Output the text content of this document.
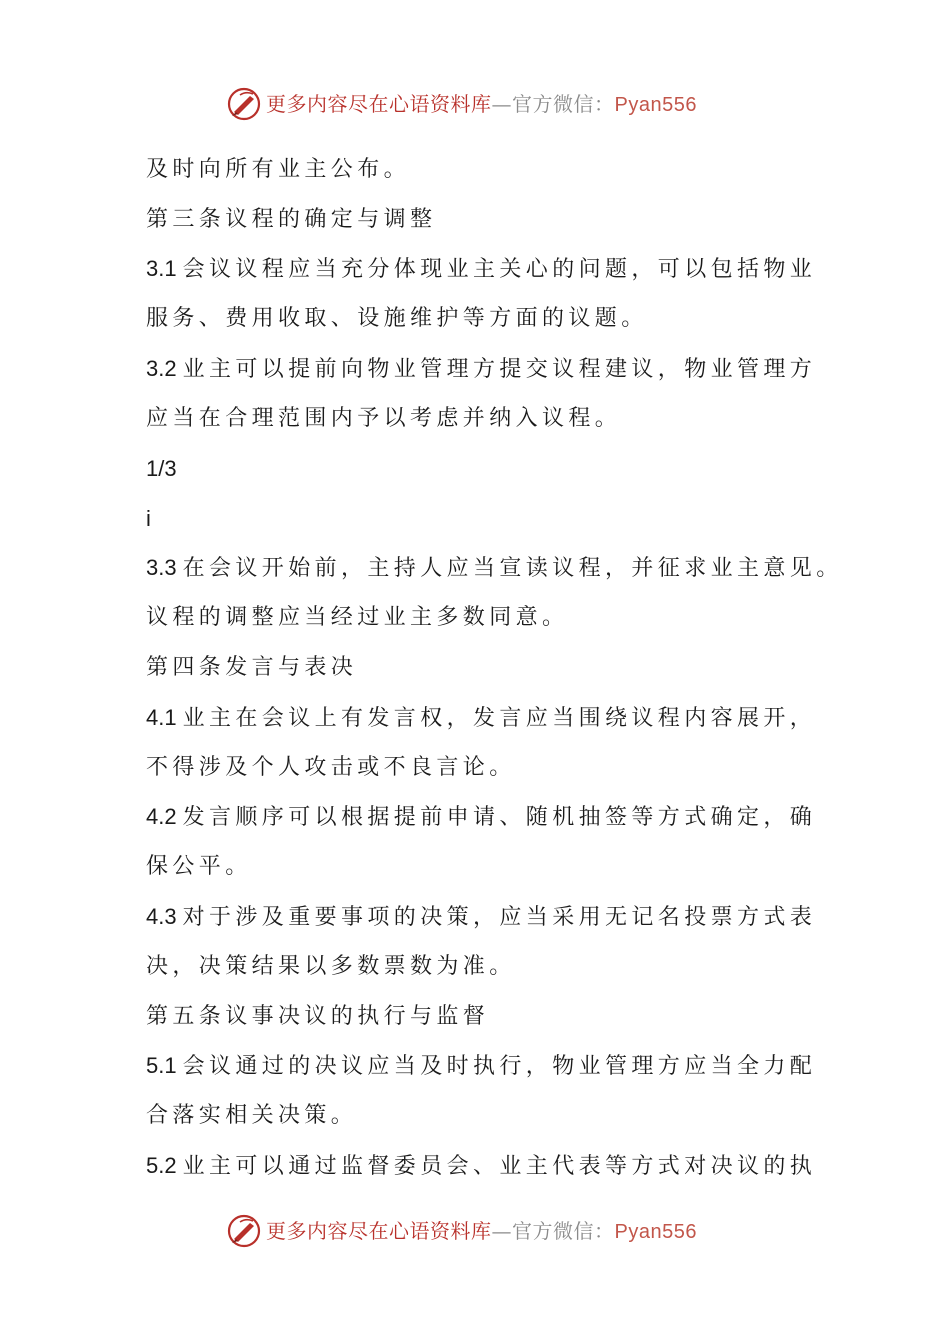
更多内容尽在心语资料库—官方微信：Pyan556
及时向所有业主公布。
第三条议程的确定与调整
3.1 会议议程应当充分体现业主关心的问题，可以包括物业
服务、费用收取、设施维护等方面的议题。
3.2 业主可以提前向物业管理方提交议程建议，物业管理方
应当在合理范围内予以考虑并纳入议程。
1/3
i
3.3 在会议开始前，主持人应当宣读议程，并征求业主意见。
议程的调整应当经过业主多数同意。
第四条发言与表决
4.1 业主在会议上有发言权，发言应当围绕议程内容展开，
不得涉及个人攻击或不良言论。
4.2 发言顺序可以根据提前申请、随机抽签等方式确定，确
保公平。
4.3 对于涉及重要事项的决策，应当采用无记名投票方式表
决，决策结果以多数票数为准。
第五条议事决议的执行与监督
5.1 会议通过的决议应当及时执行，物业管理方应当全力配
合落实相关决策。
5.2 业主可以通过监督委员会、业主代表等方式对决议的执
更多内容尽在心语资料库—官方微信：Pyan556
